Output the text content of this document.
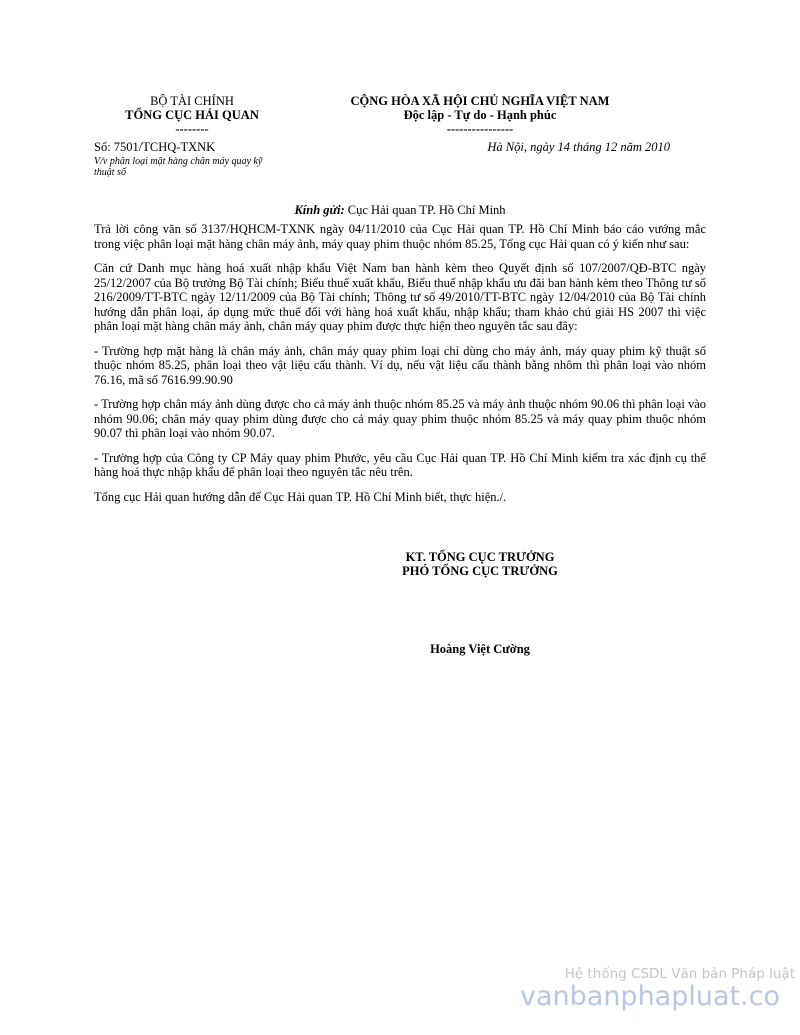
BỘ TÀI CHÍNH
TỔNG CỤC HẢI QUAN
--------
CỘNG HÒA XÃ HỘI CHỦ NGHĨA VIỆT NAM
Độc lập - Tự do - Hạnh phúc
----------------
Số: 7501/TCHQ-TXNK
V/v phân loại mặt hàng chân máy quay kỹ thuật số
Hà Nội, ngày 14 tháng 12 năm 2010
Kính gửi: Cục Hải quan TP. Hồ Chí Minh

Trả lời công văn số 3137/HQHCM-TXNK ngày 04/11/2010 của Cục Hải quan TP. Hồ Chí Minh báo cáo vướng mắc trong việc phân loại mặt hàng chân máy ảnh, máy quay phim thuộc nhóm 85.25, Tổng cục Hải quan có ý kiến như sau:

Căn cứ Danh mục hàng hoá xuất nhập khẩu Việt Nam ban hành kèm theo Quyết định số 107/2007/QĐ-BTC ngày 25/12/2007 của Bộ trưởng Bộ Tài chính; Biểu thuế xuất khẩu, Biểu thuế nhập khẩu ưu đãi ban hành kèm theo Thông tư số 216/2009/TT-BTC ngày 12/11/2009 của Bộ Tài chính; Thông tư số 49/2010/TT-BTC ngày 12/04/2010 của Bộ Tài chính hướng dẫn phân loại, áp dụng mức thuế đối với hàng hoá xuất khẩu, nhập khẩu; tham khảo chú giải HS 2007 thì việc phân loại mặt hàng chân máy ảnh, chân máy quay phim được thực hiện theo nguyên tắc sau đây:

- Trường hợp mặt hàng là chân máy ảnh, chân máy quay phim loại chỉ dùng cho máy ảnh, máy quay phim kỹ thuật số thuộc nhóm 85.25, phân loại theo vật liệu cấu thành. Ví dụ, nếu vật liệu cấu thành bằng nhôm thì phân loại vào nhóm 76.16, mã số 7616.99.90.90

- Trường hợp chân máy ảnh dùng được cho cả máy ảnh thuộc nhóm 85.25 và máy ảnh thuộc nhóm 90.06 thì phân loại vào nhóm 90.06; chân máy quay phim dùng được cho cả máy quay phim thuộc nhóm 85.25 và máy quay phim thuộc nhóm 90.07 thì phân loại vào nhóm 90.07.

- Trường hợp của Công ty CP Máy quay phim Phước, yêu cầu Cục Hải quan TP. Hồ Chí Minh kiểm tra xác định cụ thể hàng hoá thực nhập khẩu để phân loại theo nguyên tắc nêu trên.

Tổng cục Hải quan hướng dẫn để Cục Hải quan TP. Hồ Chí Minh biết, thực hiện./.

KT. TỔNG CỤC TRƯỞNG
PHÓ TỔNG CỤC TRƯỞNG
Hoàng Việt Cường
Hệ thống CSDL Văn bản Pháp luật
vanbanphapluat.co
